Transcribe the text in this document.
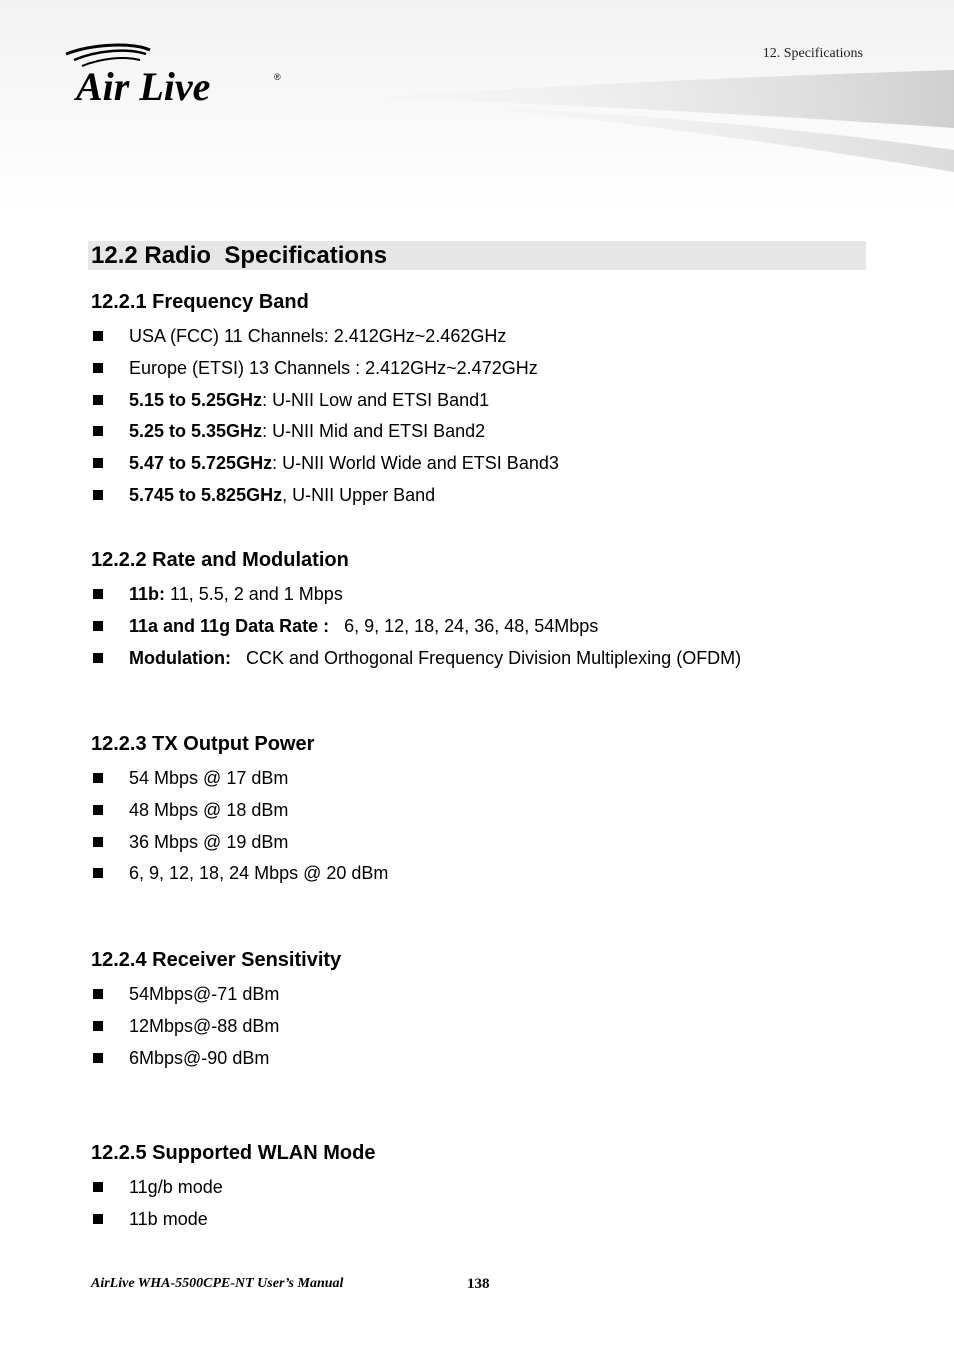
Air Live	®
12. Specifications
12.2 Radio  Specifications
12.2.1 Frequency Band
USA (FCC) 11 Channels: 2.412GHz~2.462GHz
Europe (ETSI) 13 Channels : 2.412GHz~2.472GHz
5.15 to 5.25GHz: U-NII Low and ETSI Band1
5.25 to 5.35GHz: U-NII Mid and ETSI Band2
5.47 to 5.725GHz: U-NII World Wide and ETSI Band3
5.745 to 5.825GHz, U-NII Upper Band
12.2.2 Rate and Modulation
11b: 11, 5.5, 2 and 1 Mbps
11a and 11g Data Rate :   6, 9, 12, 18, 24, 36, 48, 54Mbps
Modulation:   CCK and Orthogonal Frequency Division Multiplexing (OFDM)
12.2.3 TX Output Power
54 Mbps @ 17 dBm
48 Mbps @ 18 dBm
36 Mbps @ 19 dBm
6, 9, 12, 18, 24 Mbps @ 20 dBm
12.2.4 Receiver Sensitivity
54Mbps@-71 dBm
12Mbps@-88 dBm
6Mbps@-90 dBm
12.2.5 Supported WLAN Mode
11g/b mode
11b mode
AirLive WHA-5500CPE-NT User’s Manual	138
